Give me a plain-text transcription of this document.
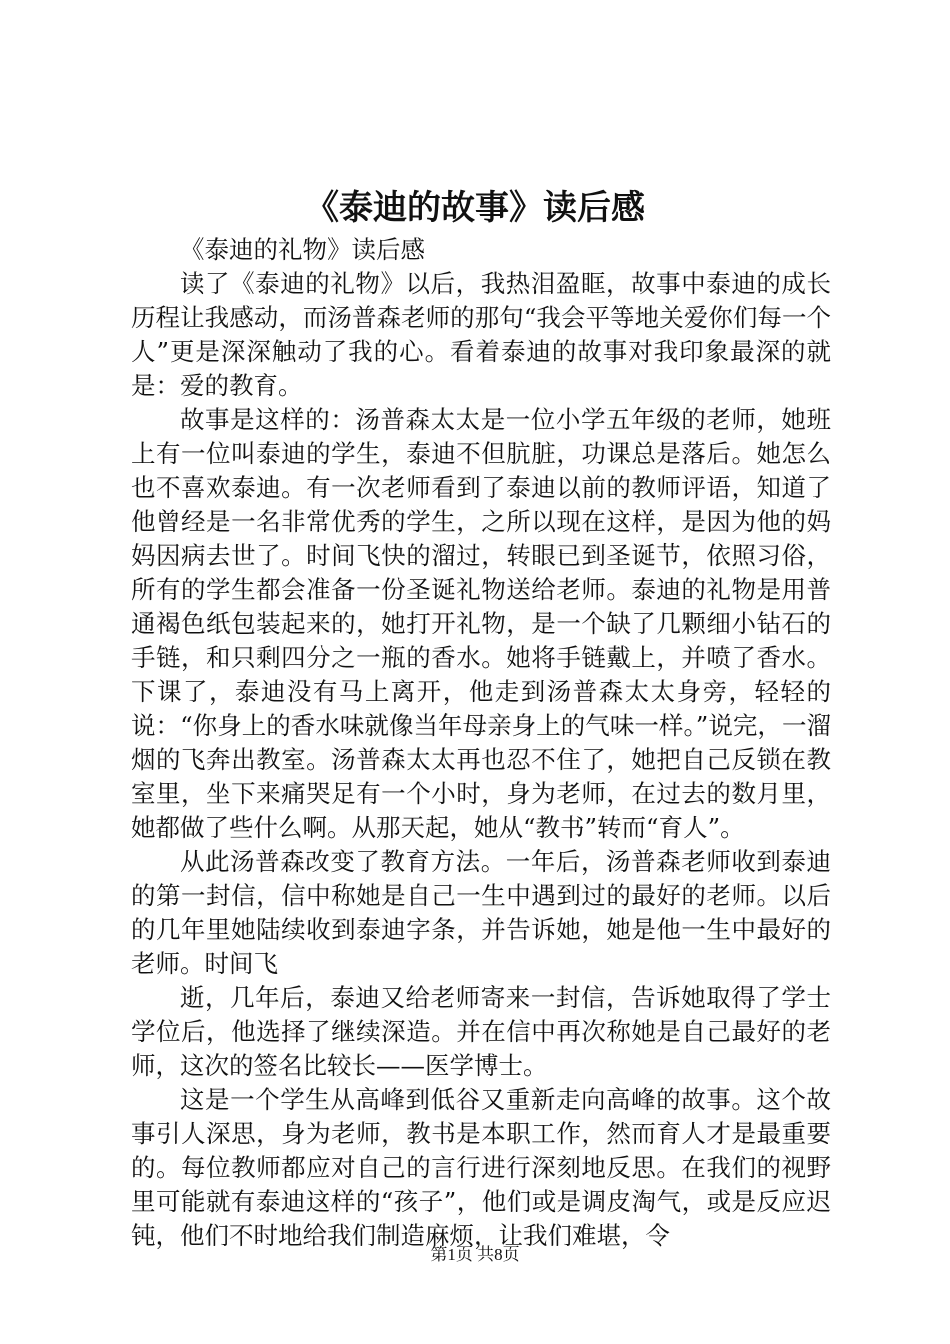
《泰迪的故事》读后感

《泰迪的礼物》读后感

读了《泰迪的礼物》以后，我热泪盈眶，故事中泰迪的成长历程让我感动，而汤普森老师的那句“我会平等地关爱你们每一个人”更是深深触动了我的心。看着泰迪的故事对我印象最深的就是：爱的教育。

故事是这样的：汤普森太太是一位小学五年级的老师，她班上有一位叫泰迪的学生，泰迪不但肮脏，功课总是落后。她怎么也不喜欢泰迪。有一次老师看到了泰迪以前的教师评语，知道了他曾经是一名非常优秀的学生，之所以现在这样，是因为他的妈妈因病去世了。时间飞快的溜过，转眼已到圣诞节，依照习俗，所有的学生都会准备一份圣诞礼物送给老师。泰迪的礼物是用普通褐色纸包装起来的，她打开礼物，是一个缺了几颗细小钻石的手链，和只剩四分之一瓶的香水。她将手链戴上，并喷了香水。下课了，泰迪没有马上离开，他走到汤普森太太身旁，轻轻的说：“你身上的香水味就像当年母亲身上的气味一样。”说完，一溜烟的飞奔出教室。汤普森太太再也忍不住了，她把自己反锁在教室里，坐下来痛哭足有一个小时，身为老师，在过去的数月里，她都做了些什么啊。从那天起，她从“教书”转而“育人”。

从此汤普森改变了教育方法。一年后，汤普森老师收到泰迪的第一封信，信中称她是自己一生中遇到过的最好的老师。以后的几年里她陆续收到泰迪字条，并告诉她，她是他一生中最好的老师。时间飞

逝，几年后，泰迪又给老师寄来一封信，告诉她取得了学士学位后，他选择了继续深造。并在信中再次称她是自己最好的老师，这次的签名比较长——医学博士。

这是一个学生从高峰到低谷又重新走向高峰的故事。这个故事引人深思，身为老师，教书是本职工作，然而育人才是最重要的。每位教师都应对自己的言行进行深刻地反思。在我们的视野里可能就有泰迪这样的“孩子”，他们或是调皮淘气，或是反应迟钝，他们不时地给我们制造麻烦，让我们难堪，令

第1页 共8页
